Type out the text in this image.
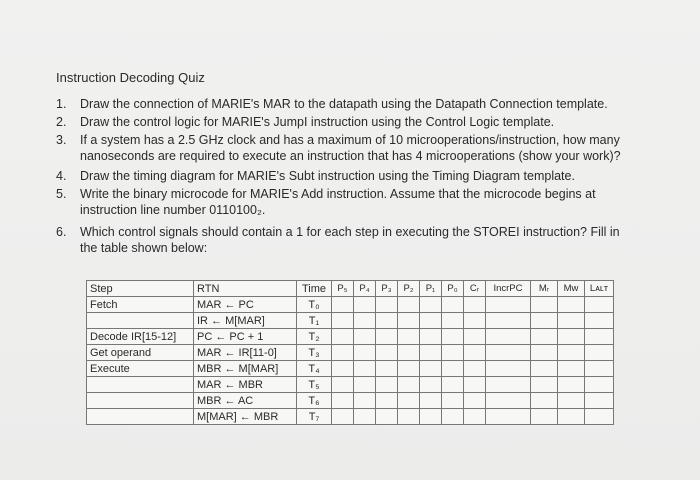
Instruction Decoding Quiz
1.	Draw the connection of MARIE's MAR to the datapath using the Datapath Connection template.
2.	Draw the control logic for MARIE's JumpI instruction using the Control Logic template.
3.	If a system has a 2.5 GHz clock and has a maximum of 10 microoperations/instruction, how many
nanoseconds are required to execute an instruction that has 4 microoperations (show your work)?
4.	Draw the timing diagram for MARIE's Subt instruction using the Timing Diagram template.
5.	Write the binary microcode for MARIE's Add instruction. Assume that the microcode begins at
instruction line number 0110100₂.
6.	Which control signals should contain a 1 for each step in executing the STOREI instruction? Fill in
the table shown below:
Step	RTN	Time	P₅	P₄	P₃	P₂	P₁	P₀	Cᵣ	IncrPC	Mᵣ	Mw	Lᴀʟᴛ
Fetch	MAR ← PC	T₀											
	IR ← M[MAR]	T₁											
Decode IR[15-12]	PC ← PC + 1	T₂											
Get operand	MAR ← IR[11-0]	T₃											
Execute	MBR ← M[MAR]	T₄											
	MAR ← MBR	T₅											
	MBR ← AC	T₆											
	M[MAR] ← MBR	T₇											
